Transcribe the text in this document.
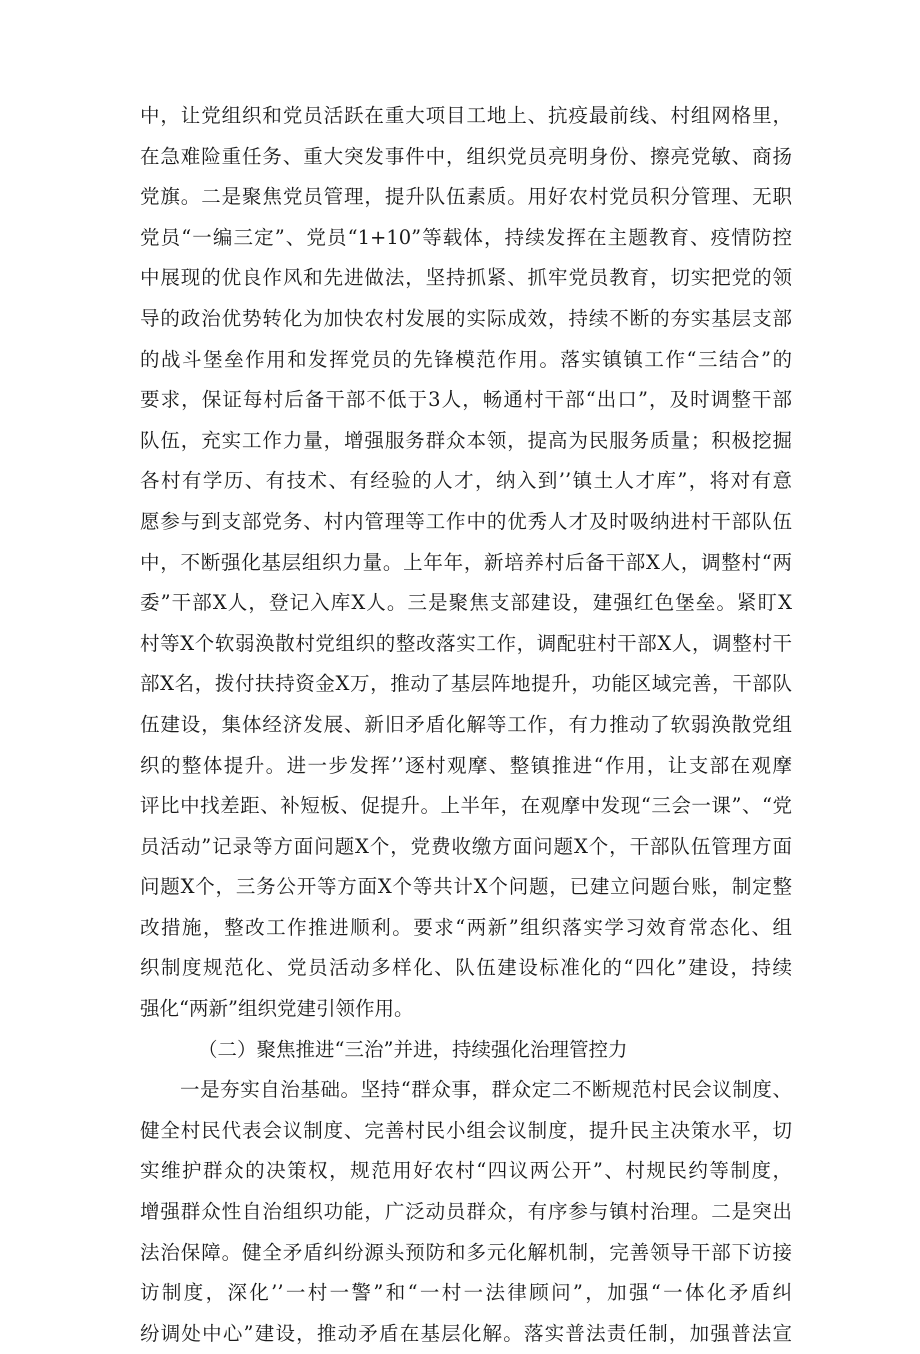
中，让党组织和党员活跃在重大项目工地上、抗疫最前线、村组网格里，
在急难险重任务、重大突发事件中，组织党员亮明身份、擦亮党敏、商扬
党旗。二是聚焦党员管理，提升队伍素质。用好农村党员积分管理、无职
党员“一编三定”、党员“1+10”等载体，持续发挥在主题教育、疫情防控
中展现的优良作风和先进做法，坚持抓紧、抓牢党员教育，切实把党的领
导的政治优势转化为加快农村发展的实际成效，持续不断的夯实基层支部
的战斗堡垒作用和发挥党员的先锋模范作用。落实镇镇工作“三结合”的
要求，保证每村后备干部不低于3人，畅通村干部“出口”，及时调整干部
队伍，充实工作力量，增强服务群众本领，提高为民服务质量；积极挖掘
各村有学历、有技术、有经验的人才，纳入到’’镇土人才库”，将对有意
愿参与到支部党务、村内管理等工作中的优秀人才及时吸纳进村干部队伍
中，不断强化基层组织力量。上年年，新培养村后备干部X人，调整村“两
委”干部X人，登记入库X人。三是聚焦支部建设，建强红色堡垒。紧盯X
村等X个软弱涣散村党组织的整改落实工作，调配驻村干部X人，调整村干
部X名，拨付扶持资金X万，推动了基层阵地提升，功能区域完善，干部队
伍建设，集体经济发展、新旧矛盾化解等工作，有力推动了软弱涣散党组
织的整体提升。进一步发挥’’逐村观摩、整镇推进“作用，让支部在观摩
评比中找差距、补短板、促提升。上半年，在观摩中发现“三会一课”、“党
员活动”记录等方面问题X个，党费收缴方面问题X个，干部队伍管理方面
问题X个，三务公开等方面X个等共计X个问题，已建立问题台账，制定整
改措施，整改工作推进顺利。要求“两新”组织落实学习效育常态化、组
织制度规范化、党员活动多样化、队伍建设标准化的“四化”建设，持续
强化“两新”组织党建引领作用。
（二）聚焦推进“三治”并进，持续强化治理管控力
一是夯实自治基础。坚持“群众事，群众定二不断规范村民会议制度、
健全村民代表会议制度、完善村民小组会议制度，提升民主决策水平，切
实维护群众的决策权，规范用好农村“四议两公开”、村规民约等制度，
增强群众性自治组织功能，广泛动员群众，有序参与镇村治理。二是突出
法治保障。健全矛盾纠纷源头预防和多元化解机制，完善领导干部下访接
访制度，深化’’一村一警”和“一村一法律顾问”，加强“一体化矛盾纠
纷调处中心”建设，推动矛盾在基层化解。落实普法责任制，加强普法宣
